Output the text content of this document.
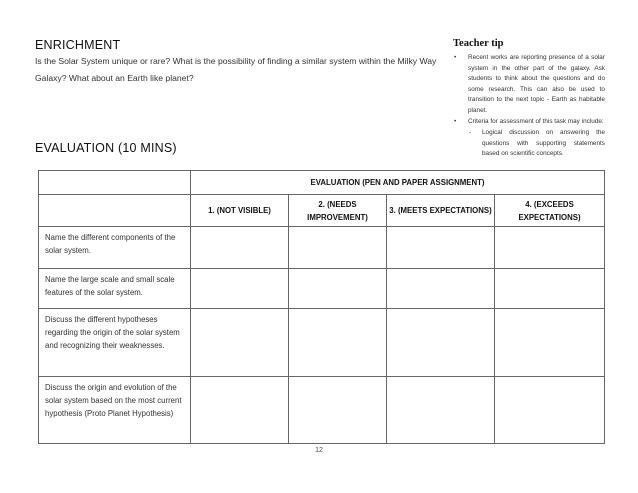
ENRICHMENT
Is the Solar System unique or rare? What is the possibility of finding a similar system within the Milky Way Galaxy? What about an Earth like planet?
Teacher tip
• Recent works are reporting presence of a solar system in the other part of the galaxy. Ask students to think about the questions and do some research. This can also be used to transition to the next topic - Earth as habitable planet.
• Criteria for assessment of this task may include:
- Logical discussion on answering the questions with supporting statements based on scientific concepts.
EVALUATION (10 MINS)
	EVALUATION (PEN AND PAPER ASSIGNMENT)			
	1. (NOT VISIBLE)	2. (NEEDS IMPROVEMENT)	3. (MEETS EXPECTATIONS)	4. (EXCEEDS EXPECTATIONS)
Name the different components of the solar system.				
Name the large scale and small scale features of the solar system.				
Discuss the different hypotheses regarding the origin of the solar system and recognizing their weaknesses.				
Discuss the origin and evolution of the solar system based on the most current hypothesis (Proto Planet Hypothesis)				
12
